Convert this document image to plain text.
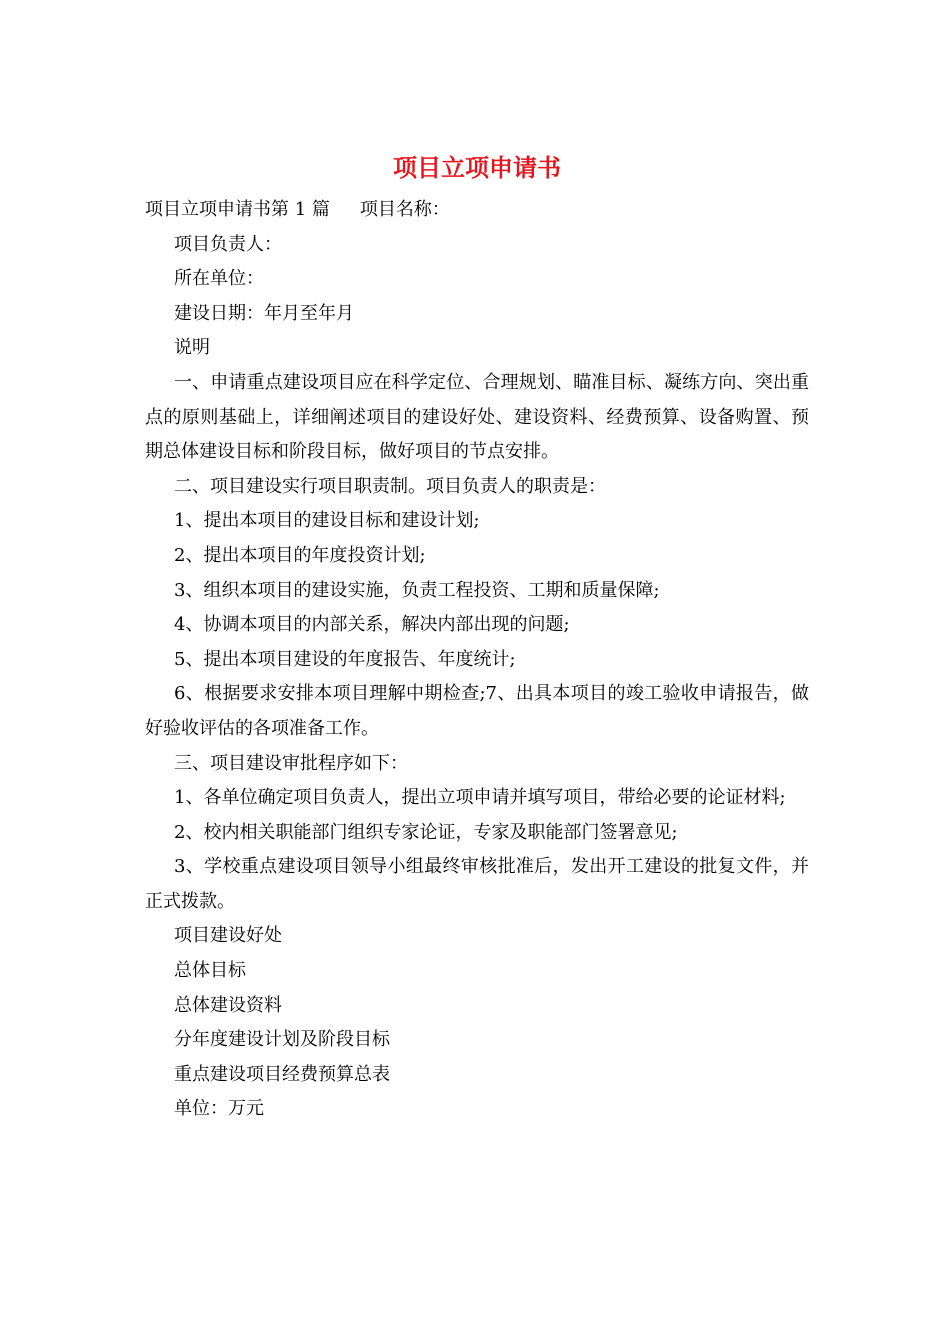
项目立项申请书

项目立项申请书第 1 篇 项目名称：

项目负责人：

所在单位：

建设日期：年月至年月

说明

一、申请重点建设项目应在科学定位、合理规划、瞄准目标、凝练方向、突出重点的原则基础上，详细阐述项目的建设好处、建设资料、经费预算、设备购置、预期总体建设目标和阶段目标，做好项目的节点安排。

二、项目建设实行项目职责制。项目负责人的职责是：

1、提出本项目的建设目标和建设计划;

2、提出本项目的年度投资计划;

3、组织本项目的建设实施，负责工程投资、工期和质量保障;

4、协调本项目的内部关系，解决内部出现的问题;

5、提出本项目建设的年度报告、年度统计;

6、根据要求安排本项目理解中期检查;7、出具本项目的竣工验收申请报告，做好验收评估的各项准备工作。

三、项目建设审批程序如下：

1、各单位确定项目负责人，提出立项申请并填写项目，带给必要的论证材料;

2、校内相关职能部门组织专家论证，专家及职能部门签署意见;

3、学校重点建设项目领导小组最终审核批准后，发出开工建设的批复文件，并正式拨款。

项目建设好处

总体目标

总体建设资料

分年度建设计划及阶段目标

重点建设项目经费预算总表

单位：万元
